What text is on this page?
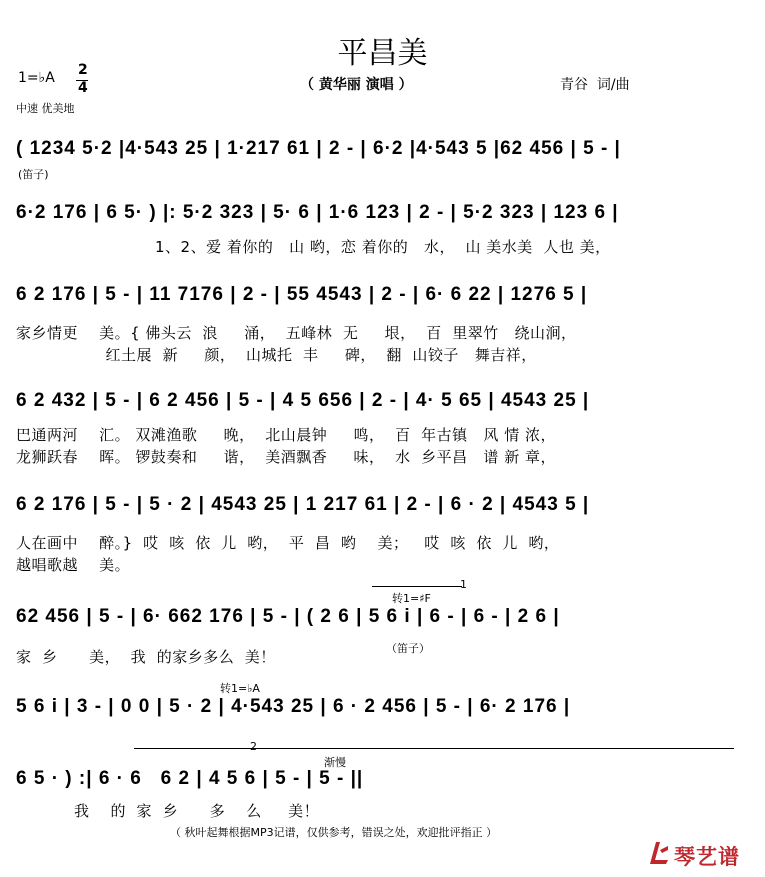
平昌美
1=♭A 2
4	（ 黄华丽 演唱 ）	青谷  词/曲
中速 优美地
( 1234 5·2 |4·543 25 | 1·217 61 | 2 - | 6·2 |4·543 5 |62 456 | 5 - |
(笛子)
6·2 176 | 6 5· ) |: 5·2 323 | 5· 6 | 1·6 123 | 2 - | 5·2 323 | 123 6 |
1、2、爱 着你的   山 哟，恋 着你的   水，  山 美水美  人也 美，
6 2 176 | 5 - | 11 7176 | 2 - | 55 4543 | 2 - | 6· 6 22 | 1276 5 |
家乡情更    美。{ 佛头云  浪     涌，  五峰林  无     垠，  百  里翠竹   绕山涧，
红土展  新     颜，  山城托  丰     碑，  翻  山铰子   舞吉祥，
6 2 432 | 5 - | 6 2 456 | 5 - | 4 5 656 | 2 - | 4· 5 65 | 4543 25 |
巴通两河    汇。 双滩渔歌     晚，  北山晨钟     鸣，  百  年古镇   风 情 浓，
龙狮跃春    晖。 锣鼓奏和     谐，  美酒飘香     味，  水  乡平昌   谱 新 章，
6 2 176 | 5 - | 5 · 2 | 4543 25 | 1 217 61 | 2 - | 6 · 2 | 4543 5 |
人在画中    醉。}  哎  咳  依  儿  哟，  平  昌  哟    美；   哎  咳  依  儿  哟，
越唱歌越    美。
1
转1=♯F
62 456 | 5 - | 6· 662 176 | 5 - | ( 2 6 | 5 6 i | 6 - | 6 - | 2 6 |
家  乡      美，  我  的家乡多么  美！	（笛子）
转1=♭A
5 6 i | 3 - | 0 0 | 5 · 2 | 4·543 25 | 6 · 2 456 | 5 - | 6· 2 176 |
2
渐慢
6 5 · ) :| 6 · 6   6 2 | 4 5 6 | 5 - | 5 - ||
我    的  家  乡      多    么     美！
（ 秋叶起舞根据MP3记谱，仅供参考，错误之处，欢迎批评指正 ）
琴艺谱
